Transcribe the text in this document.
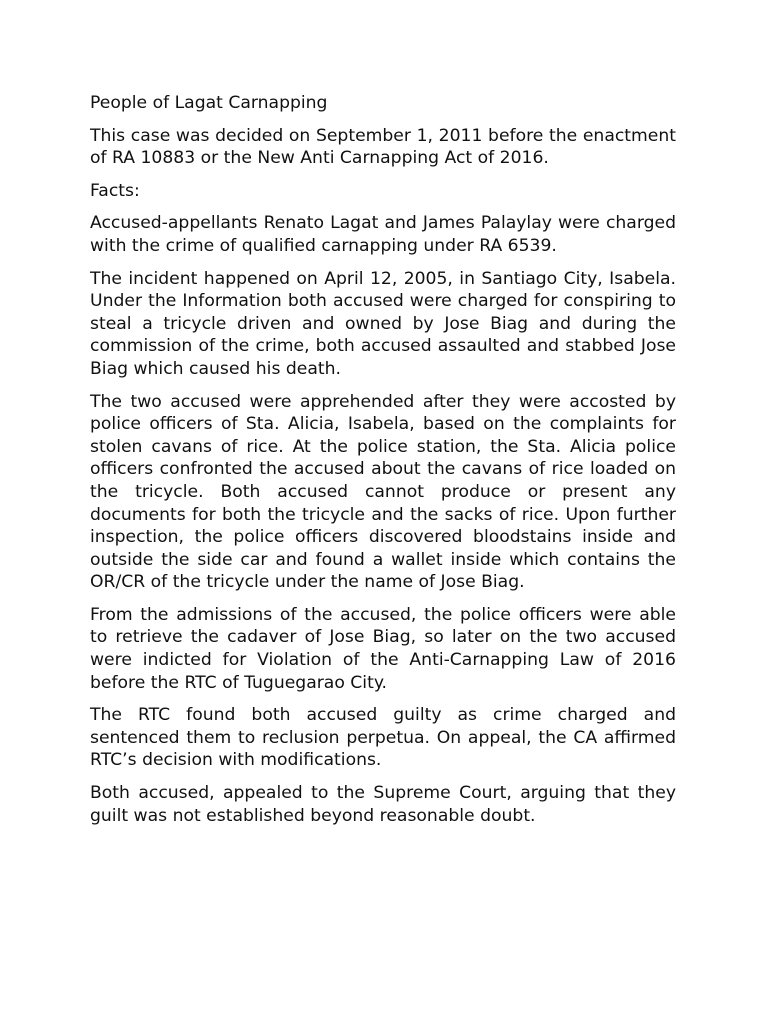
People of Lagat Carnapping
This case was decided on September 1, 2011 before the enactment of RA 10883 or the New Anti Carnapping Act of 2016.
Facts:
Accused-appellants Renato Lagat and James Palaylay were charged with the crime of qualified carnapping under RA 6539.
The incident happened on April 12, 2005, in Santiago City, Isabela. Under the Information both accused were charged for conspiring to steal a tricycle driven and owned by Jose Biag and during the commission of the crime, both accused assaulted and stabbed Jose Biag which caused his death.
The two accused were apprehended after they were accosted by police officers of Sta. Alicia, Isabela, based on the complaints for stolen cavans of rice. At the police station, the Sta. Alicia police officers confronted the accused about the cavans of rice loaded on the tricycle. Both accused cannot produce or present any documents for both the tricycle and the sacks of rice. Upon further inspection, the police officers discovered bloodstains inside and outside the side car and found a wallet inside which contains the OR/CR of the tricycle under the name of Jose Biag.
From the admissions of the accused, the police officers were able to retrieve the cadaver of Jose Biag, so later on the two accused were indicted for Violation of the Anti-Carnapping Law of 2016 before the RTC of Tuguegarao City.
The RTC found both accused guilty as crime charged and sentenced them to reclusion perpetua. On appeal, the CA affirmed RTC’s decision with modifications.
Both accused, appealed to the Supreme Court, arguing that they guilt was not established beyond reasonable doubt.
